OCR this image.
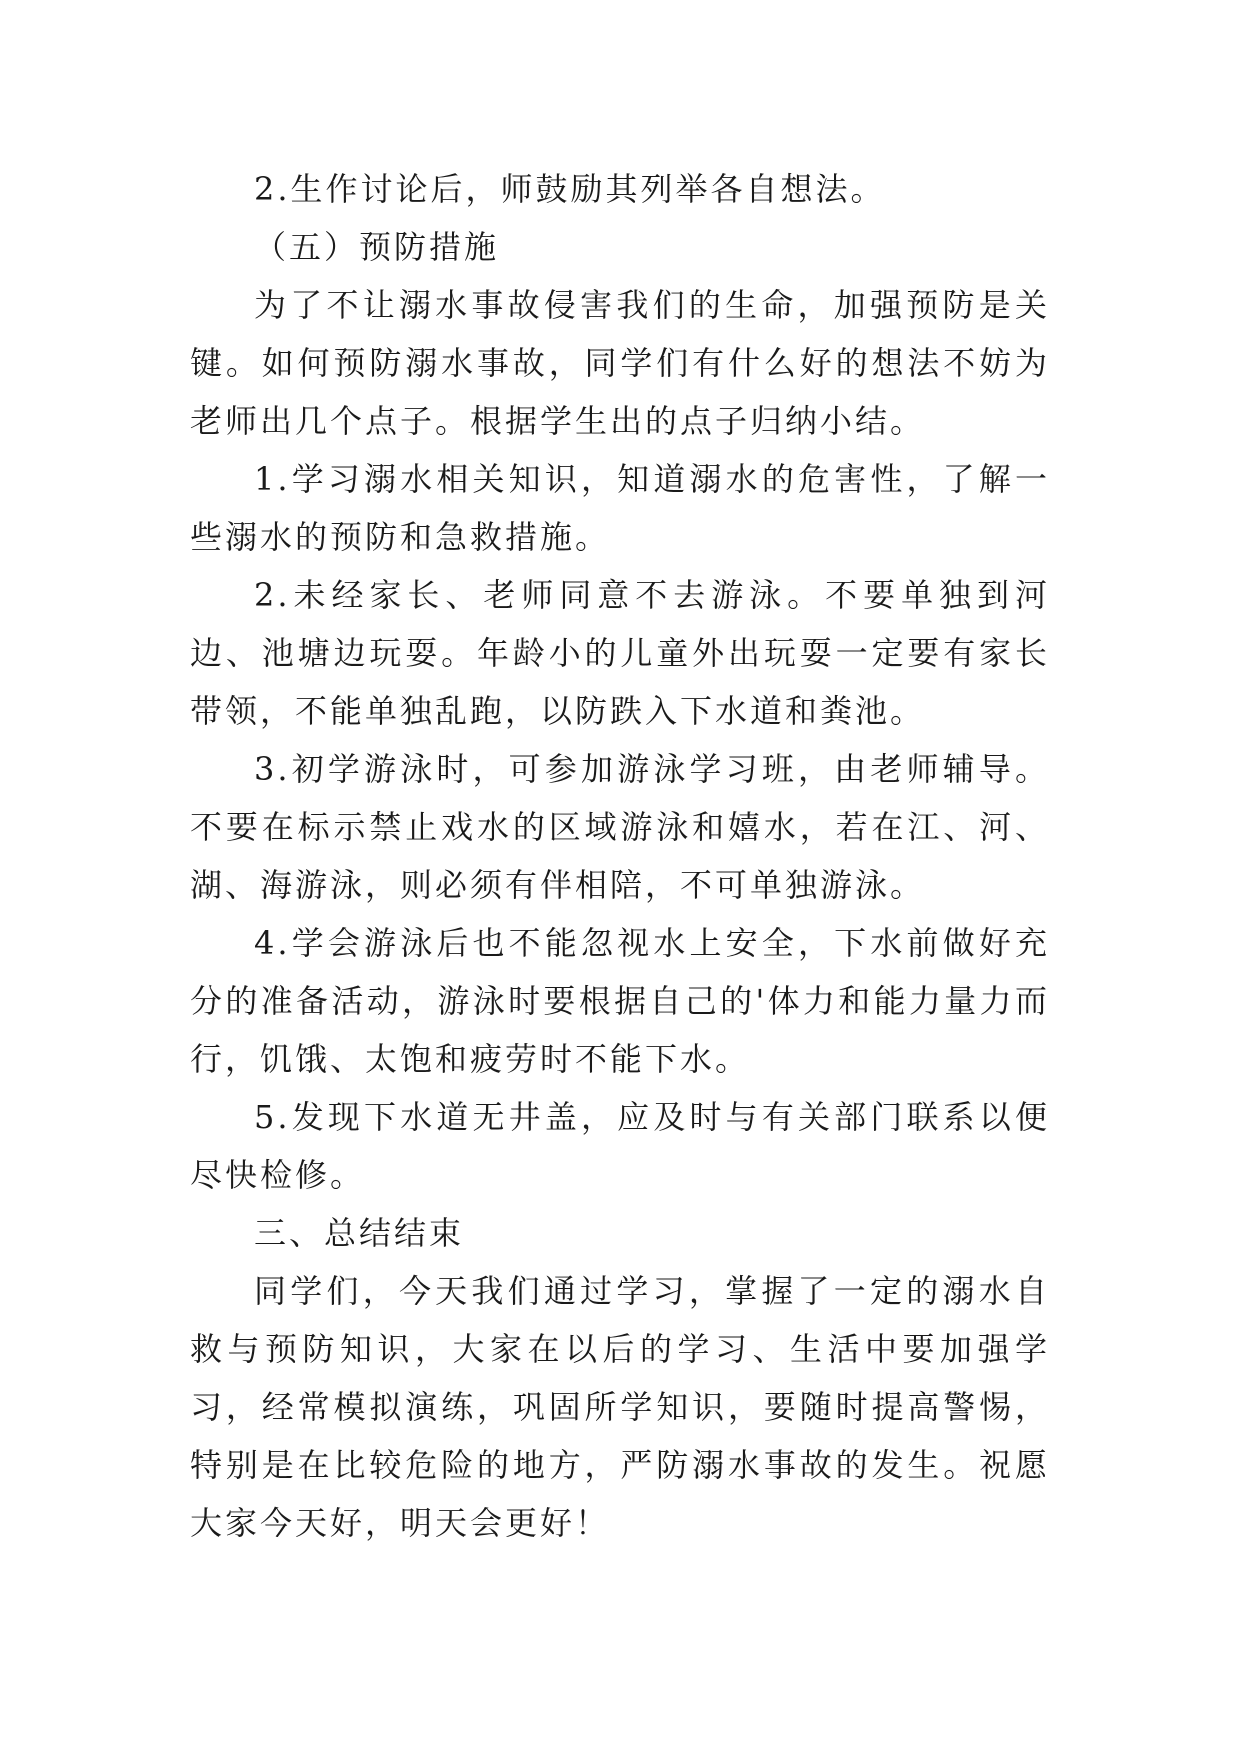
2.生作讨论后，师鼓励其列举各自想法。

（五）预防措施

为了不让溺水事故侵害我们的生命，加强预防是关键。如何预防溺水事故，同学们有什么好的想法不妨为老师出几个点子。根据学生出的点子归纳小结。

1.学习溺水相关知识，知道溺水的危害性，了解一些溺水的预防和急救措施。

2.未经家长、老师同意不去游泳。不要单独到河边、池塘边玩耍。年龄小的儿童外出玩耍一定要有家长带领，不能单独乱跑，以防跌入下水道和粪池。

3.初学游泳时，可参加游泳学习班，由老师辅导。不要在标示禁止戏水的区域游泳和嬉水，若在江、河、湖、海游泳，则必须有伴相陪，不可单独游泳。

4.学会游泳后也不能忽视水上安全，下水前做好充分的准备活动，游泳时要根据自己的'体力和能力量力而行，饥饿、太饱和疲劳时不能下水。

5.发现下水道无井盖，应及时与有关部门联系以便尽快检修。

三、总结结束

同学们，今天我们通过学习，掌握了一定的溺水自救与预防知识，大家在以后的学习、生活中要加强学习，经常模拟演练，巩固所学知识，要随时提高警惕，特别是在比较危险的地方，严防溺水事故的发生。祝愿大家今天好，明天会更好！
